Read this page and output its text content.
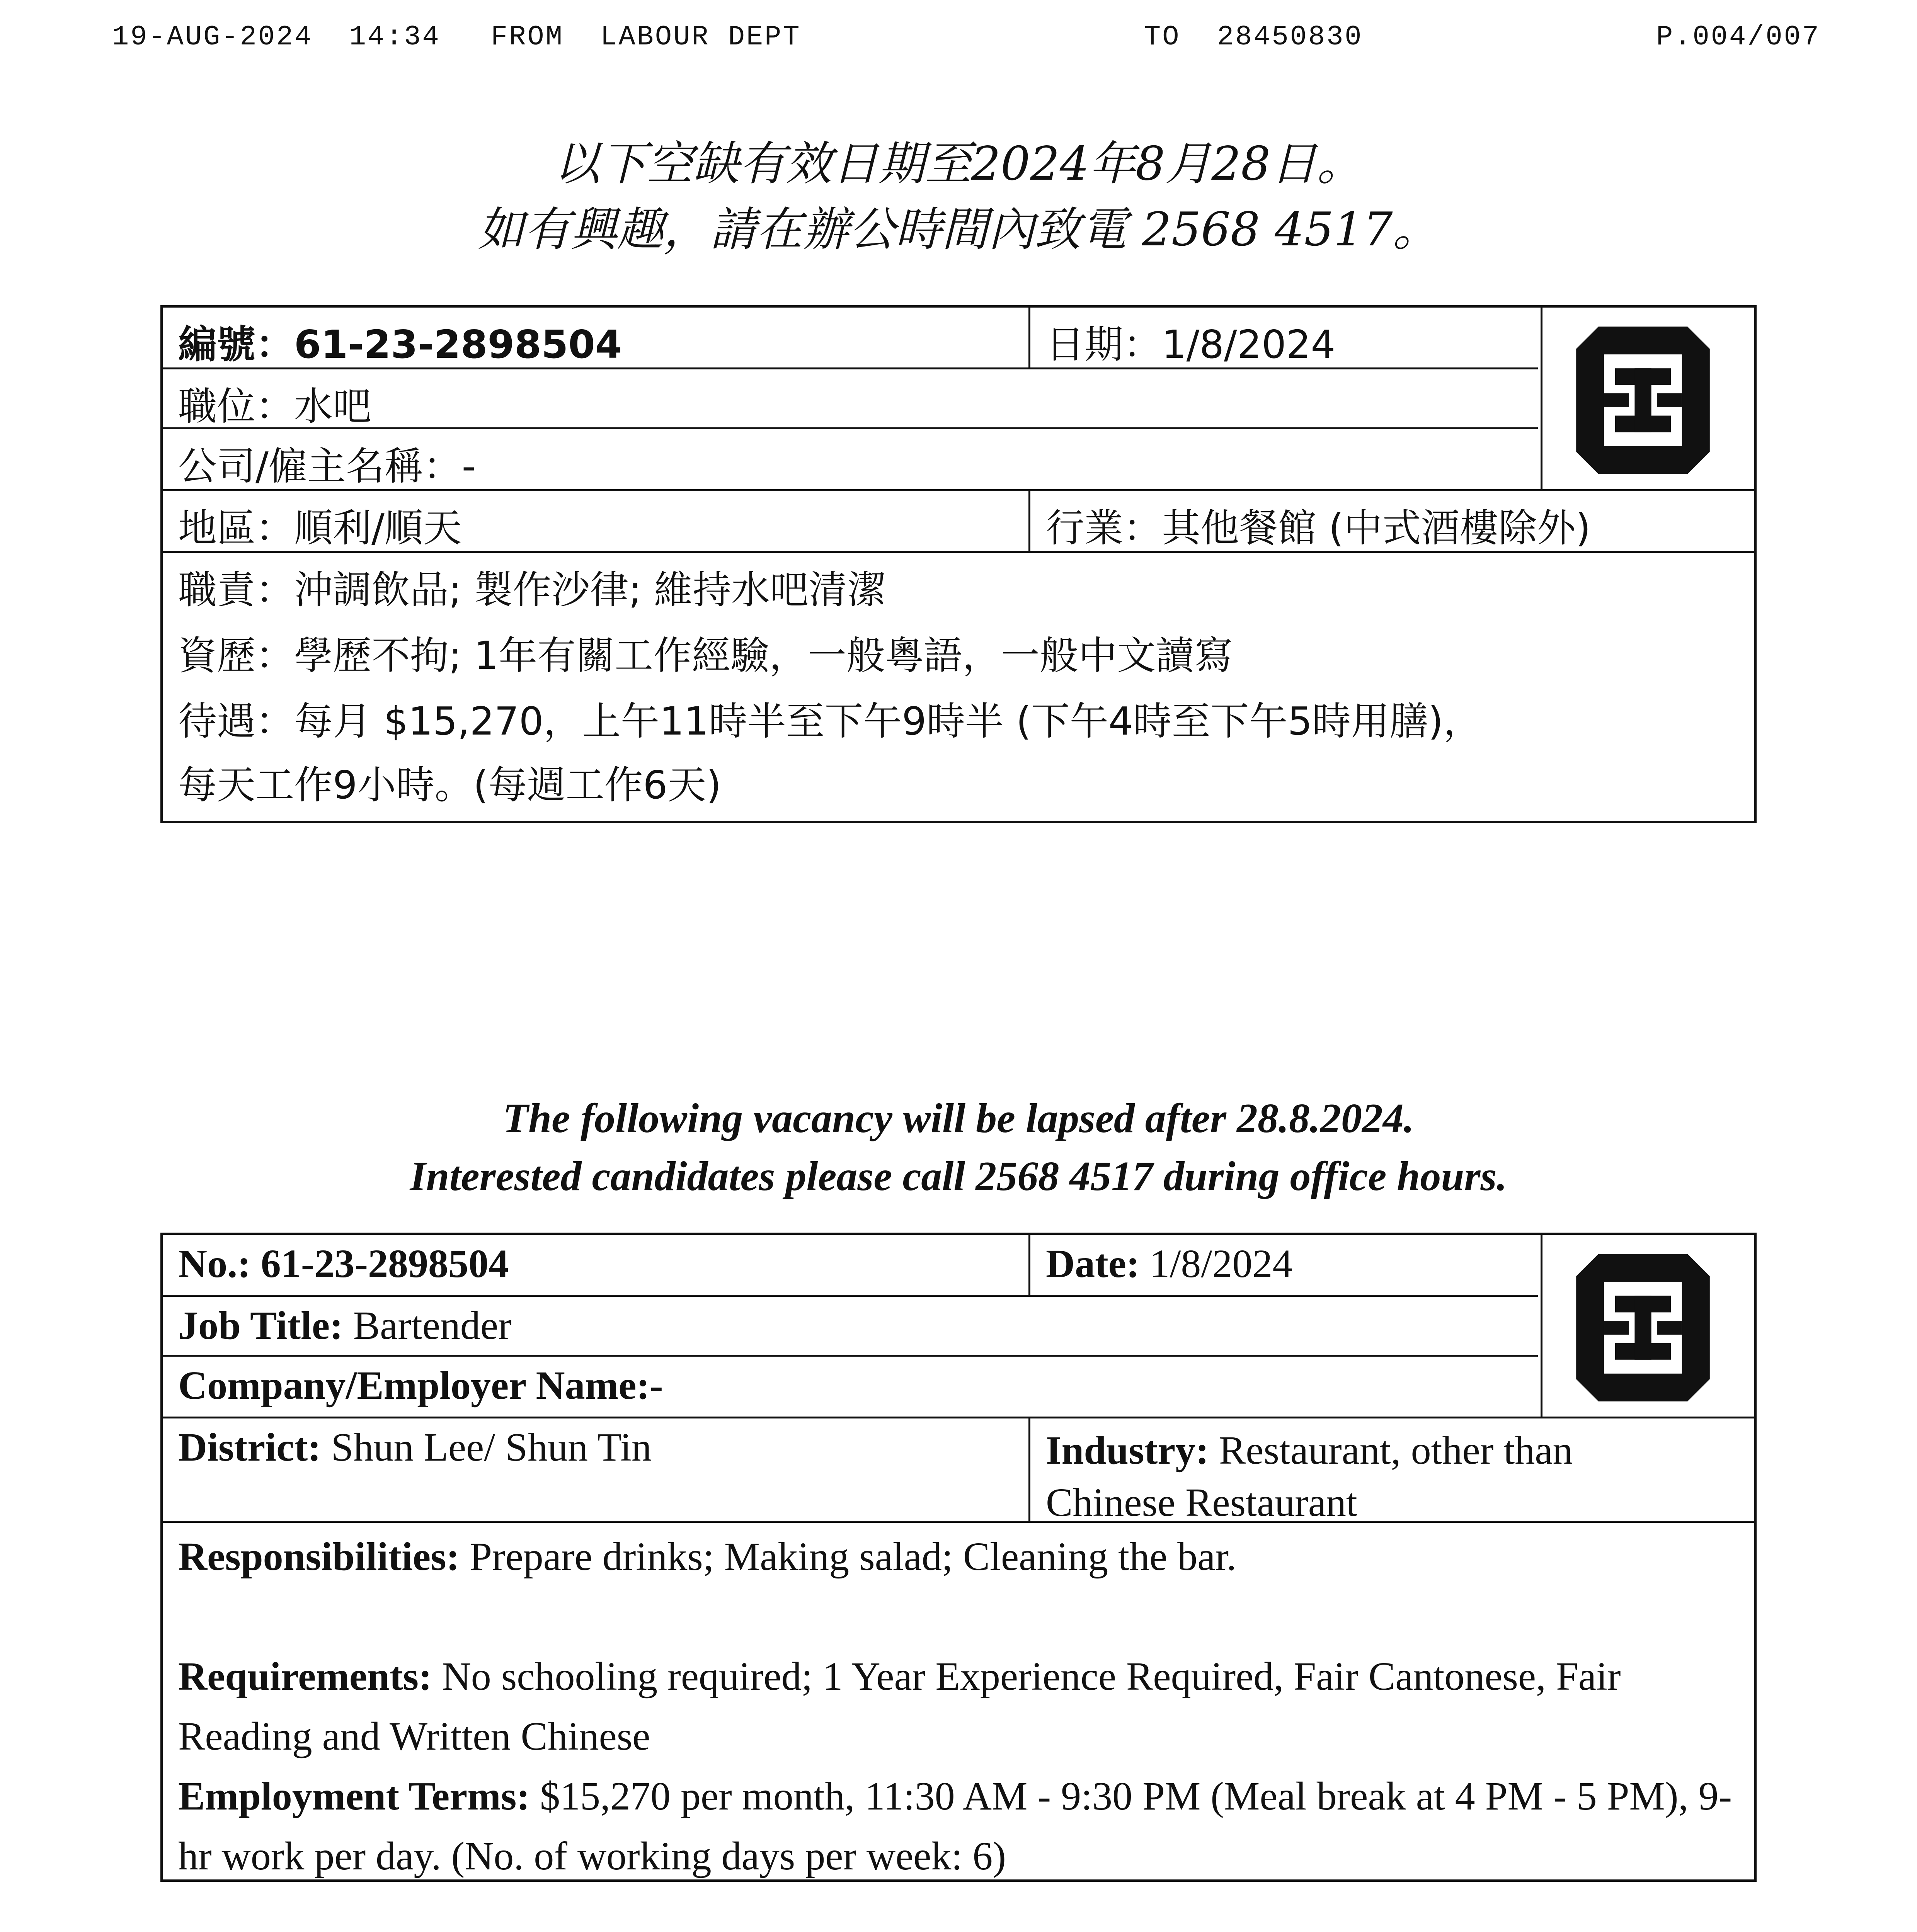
19-AUG-2024  14:34

FROM  LABOUR DEPT

	TO  28450830

	P.004/007

以下空缺有效日期至2024年8月28日。
如有興趣，請在辦公時間內致電 2568 4517。
編號：61-23-2898504	日期：1/8/2024
職位：水吧
公司/僱主名稱：-
地區：順利/順天	行業：其他餐館 (中式酒樓除外)
職責：沖調飲品; 製作沙律; 維持水吧清潔
資歷：學歷不拘; 1年有關工作經驗，一般粵語，一般中文讀寫
待遇：每月 $15,270，上午11時半至下午9時半 (下午4時至下午5時用膳)，
每天工作9小時。(每週工作6天)
The following vacancy will be lapsed after 28.8.2024.
Interested candidates please call 2568 4517 during office hours.
No.: 61-23-2898504	Date: 1/8/2024
Job Title: Bartender
Company/Employer Name:-
District: Shun Lee/ Shun Tin	Industry: Restaurant, other than
Chinese Restaurant
Responsibilities: Prepare drinks; Making salad; Cleaning the bar.
Requirements: No schooling required; 1 Year Experience Required, Fair Cantonese, Fair Reading and Written Chinese
Employment Terms: $15,270 per month, 11:30 AM - 9:30 PM (Meal break at 4 PM - 5 PM), 9-hr work per day. (No. of working days per week: 6)
